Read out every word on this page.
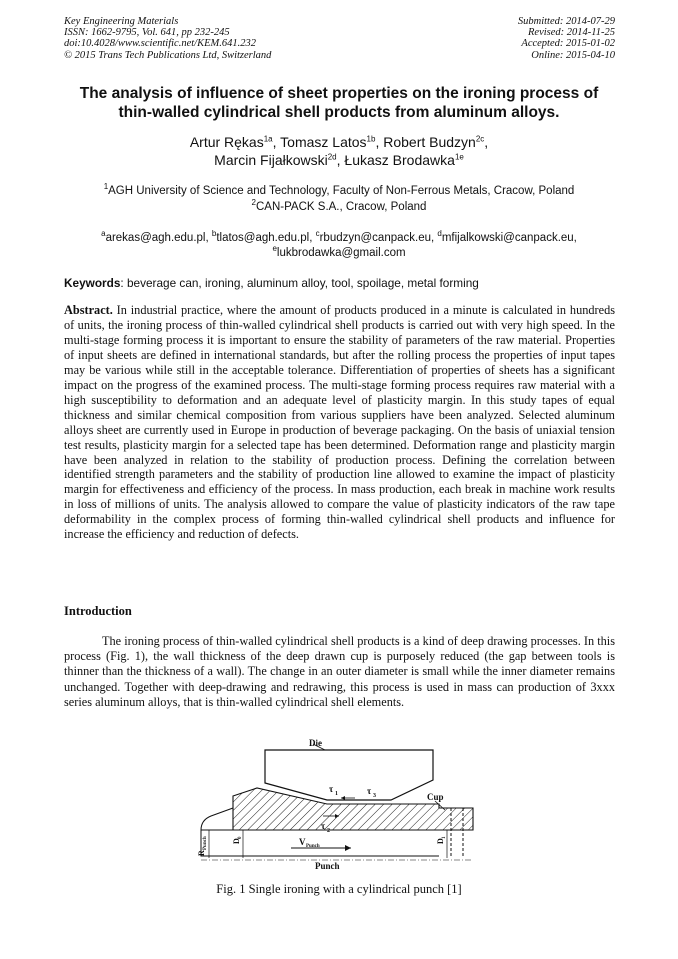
Key Engineering Materials
ISSN: 1662-9795, Vol. 641, pp 232-245
doi:10.4028/www.scientific.net/KEM.641.232
© 2015 Trans Tech Publications Ltd, Switzerland
Submitted: 2014-07-29
Revised: 2014-11-25
Accepted: 2015-01-02
Online: 2015-04-10
The analysis of influence of sheet properties on the ironing process of
thin-walled cylindrical shell products from aluminum alloys.
Artur Rękas$^{1a}$, Tomasz Latos$^{1b}$, Robert Budzyn$^{2c}$,
Marcin Fijałkowski$^{2d}$, Łukasz Brodawka$^{1e}$
$^1$AGH University of Science and Technology, Faculty of Non-Ferrous Metals, Cracow, Poland
$^2$CAN-PACK S.A., Cracow, Poland
$^a$arekas@agh.edu.pl, $^b$tlatos@agh.edu.pl, $^c$rbudzyn@canpack.eu, $^d$mfijalkowski@canpack.eu,
$^e$lukbrodawka@gmail.com
Keywords: beverage can, ironing, aluminum alloy, tool, spoilage, metal forming

Abstract. In industrial practice, where the amount of products produced in a minute is calculated in hundreds of units, the ironing process of thin-walled cylindrical shell products is carried out with very high speed. In the multi-stage forming process it is important to ensure the stability of parameters of the raw material. Properties of input sheets are defined in international standards, but after the rolling process the properties of input tapes may be various while still in the acceptable tolerance. Differentiation of properties of sheets has a significant impact on the progress of the examined process. The multi-stage forming process requires raw material with a high susceptibility to deformation and an adequate level of plasticity margin. In this study tapes of equal thickness and similar chemical composition from various suppliers have been analyzed. Selected aluminum alloys sheet are currently used in Europe in production of beverage packaging. On the basis of uniaxial tension test results, plasticity margin for a selected tape has been determined. Deformation range and plasticity margin have been analyzed in relation to the stability of production process. Defining the correlation between identified strength parameters and the stability of production line allowed to examine the impact of plasticity margin for effectiveness and efficiency of the process. In mass production, each break in machine work results in loss of millions of units. The analysis allowed to compare the value of plasticity indicators of the raw tape deformability in the complex process of forming thin-walled cylindrical shell products and influence for increase the efficiency and reduction of defects.

Introduction

The ironing process of thin-walled cylindrical shell products is a kind of deep drawing processes. In this process (Fig. 1), the wall thickness of the deep drawn cup is purposely reduced (the gap between tools is thinner than the thickness of a wall). The change in an outer diameter is small while the inner diameter remains unchanged. Together with deep-drawing and redrawing, this process is used in mass can production of 3xxx series aluminum alloys, that is thin-walled cylindrical shell elements.

Die
Cup
τ 1	τ 3
τ 2
R
Punch	D
0
D
1
V Punch
Punch
Fig. 1 Single ironing with a cylindrical punch [1]
